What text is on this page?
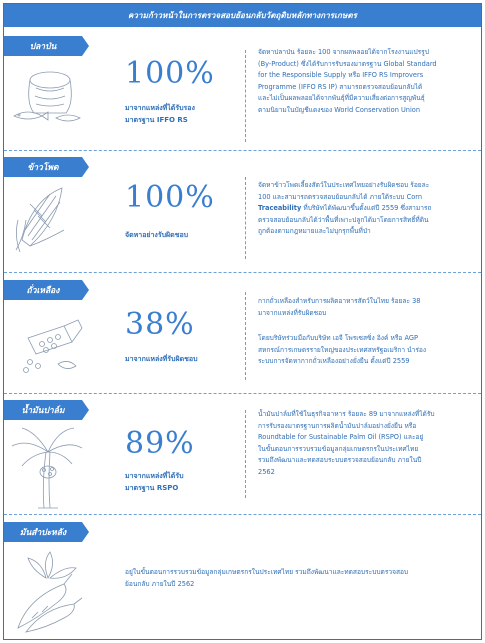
ความก้าวหน้าในการตรวจสอบย้อนกลับวัตถุดิบหลักทางการเกษตร
ปลาป่น
100%
มาจากแหล่งที่ได้รับรอง
มาตรฐาน IFFO RS
จัดหาปลาป่น ร้อยละ 100 จากผลพลอยได้จากโรงงานแปรรูป
(By-Product) ซึ่งได้รับการรับรองมาตรฐาน Global Standard
for the Responsible Supply หรือ IFFO RS Improvers
Programme (IFFO RS IP) สามารถตรวจสอบย้อนกลับได้
และไม่เป็นผลพลอยได้จากพันธุ์ที่มีความเสี่ยงต่อการสูญพันธุ์
ตามนิยามในบัญชีแดงของ World Conservation Union
ข้าวโพด
100%
จัดหาอย่างรับผิดชอบ
จัดหาข้าวโพดเลี้ยงสัตว์ในประเทศไทยอย่างรับผิดชอบ ร้อยละ
100 และสามารถตรวจสอบย้อนกลับได้ ภายใต้ระบบ Corn
Traceability ที่บริษัทได้พัฒนาขึ้นตั้งแต่ปี 2559 ซึ่งสามารถ
ตรวจสอบย้อนกลับได้ว่าพื้นที่เพาะปลูกได้มาโดยการสิทธิ์ที่ดิน
ถูกต้องตามกฎหมายและไม่บุกรุกพื้นที่ป่า
ถั่วเหลือง
38%
มาจากแหล่งที่รับผิดชอบ
กากถั่วเหลืองสำหรับการผลิตอาหารสัตว์ในไทย ร้อยละ 38
มาจากแหล่งที่รับผิดชอบ
โดยบริษัทร่วมมือกับบริษัท เอจี โพรเซสซิ่ง อิงค์ หรือ AGP
สหกรณ์การเกษตรรายใหญ่ของประเทศสหรัฐอเมริกา นำร่อง
ระบบการจัดหากากถั่วเหลืองอย่างยั่งยืน ตั้งแต่ปี 2559
น้ำมันปาล์ม
89%
มาจากแหล่งที่ได้รับ
มาตรฐาน RSPO
น้ำมันปาล์มที่ใช้ในธุรกิจอาหาร ร้อยละ 89 มาจากแหล่งที่ได้รับ
การรับรองมาตรฐานการผลิตน้ำมันปาล์มอย่างยั่งยืน หรือ
Roundtable for Sustainable Palm Oil (RSPO) และอยู่
ในขั้นตอนการรวบรวมข้อมูลกลุ่มเกษตรกรในประเทศไทย
รวมถึงพัฒนาและทดสอบระบบตรวจสอบย้อนกลับ ภายในปี
2562
มันสำปะหลัง
อยู่ในขั้นตอนการรวบรวมข้อมูลกลุ่มเกษตรกรในประเทศไทย รวมถึงพัฒนาและทดสอบระบบตรวจสอบ
ย้อนกลับ ภายในปี 2562
